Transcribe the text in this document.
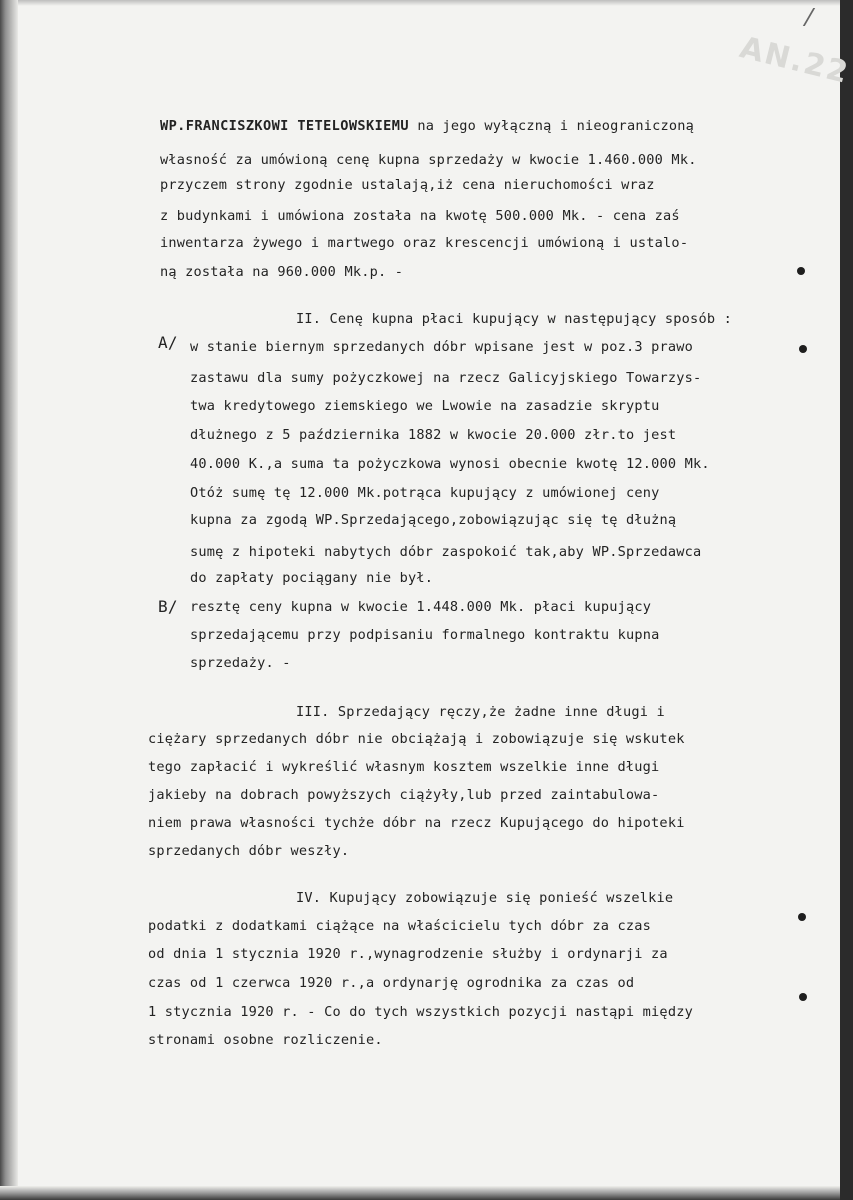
AN.22

WP.FRANCISZKOWI TETELOWSKIEMU na jego wyłączną i nieograniczoną

własność za umówioną cenę kupna sprzedaży w kwocie 1.460.000 Mk.

przyczem strony zgodnie ustalają,iż cena nieruchomości wraz

z budynkami i umówiona została na kwotę 500.000 Mk. - cena zaś

inwentarza żywego i martwego oraz krescencji umówioną i ustalo-

ną została na 960.000 Mk.p. -

II. Cenę kupna płaci kupujący w następujący sposób :

A/ w stanie biernym sprzedanych dóbr wpisane jest w poz.3 prawo

zastawu dla sumy pożyczkowej na rzecz Galicyjskiego Towarzys-

twa kredytowego ziemskiego we Lwowie na zasadzie skryptu

dłużnego z 5 października 1882 w kwocie 20.000 złr.to jest

40.000 K.,a suma ta pożyczkowa wynosi obecnie kwotę 12.000 Mk.

Otóż sumę tę 12.000 Mk.potrąca kupujący z umówionej ceny

kupna za zgodą WP.Sprzedającego,zobowiązując się tę dłużną

sumę z hipoteki nabytych dóbr zaspokoić tak,aby WP.Sprzedawca

do zapłaty pociągany nie był.

B/ resztę ceny kupna w kwocie 1.448.000 Mk. płaci kupujący

sprzedającemu przy podpisaniu formalnego kontraktu kupna

sprzedaży. -

III. Sprzedający ręczy,że żadne inne długi i

ciężary sprzedanych dóbr nie obciążają i zobowiązuje się wskutek

tego zapłacić i wykreślić własnym kosztem wszelkie inne długi

jakieby na dobrach powyższych ciążyły,lub przed zaintabulowa-

niem prawa własności tychże dóbr na rzecz Kupującego do hipoteki

sprzedanych dóbr weszły.

IV. Kupujący zobowiązuje się ponieść wszelkie

podatki z dodatkami ciążące na właścicielu tych dóbr za czas

od dnia 1 stycznia 1920 r.,wynagrodzenie służby i ordynarji za

czas od 1 czerwca 1920 r.,a ordynarję ogrodnika za czas od

1 stycznia 1920 r. - Co do tych wszystkich pozycji nastąpi między

stronami osobne rozliczenie.
